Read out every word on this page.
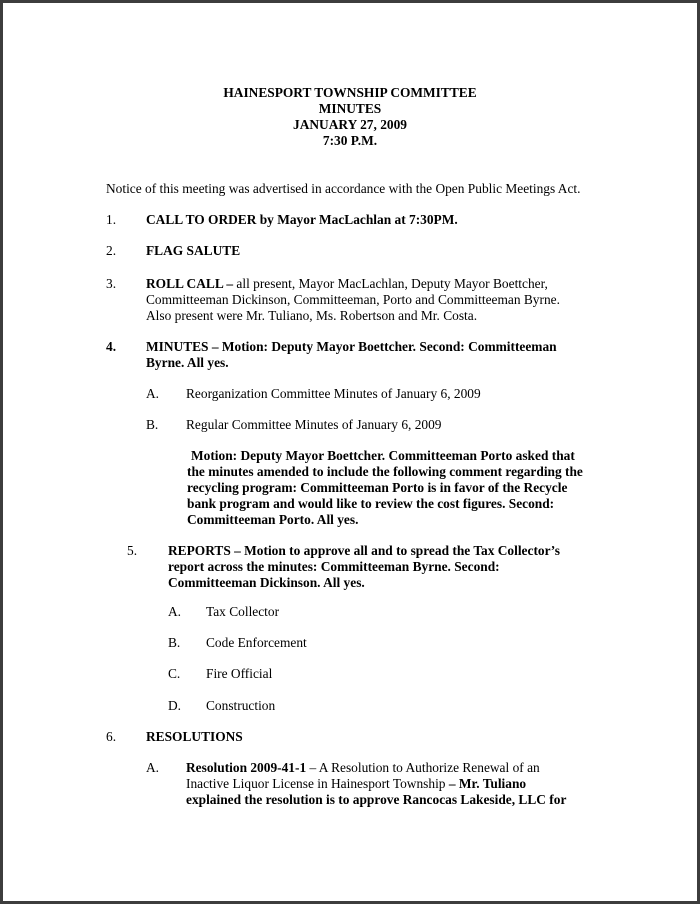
HAINESPORT TOWNSHIP COMMITTEE
MINUTES
JANUARY 27, 2009
7:30 P.M.
Notice of this meeting was advertised in accordance with the Open Public Meetings Act.
1. CALL TO ORDER by Mayor MacLachlan at 7:30PM.
2. FLAG SALUTE
3. ROLL CALL – all present, Mayor MacLachlan, Deputy Mayor Boettcher,
Committeeman Dickinson, Committeeman, Porto and Committeeman Byrne.
Also present were Mr. Tuliano, Ms. Robertson and Mr. Costa.
4. MINUTES – Motion: Deputy Mayor Boettcher. Second: Committeeman
Byrne. All yes.
A. Reorganization Committee Minutes of January 6, 2009
B. Regular Committee Minutes of January 6, 2009
Motion: Deputy Mayor Boettcher. Committeeman Porto asked that
the minutes amended to include the following comment regarding the
recycling program: Committeeman Porto is in favor of the Recycle
bank program and would like to review the cost figures. Second:
Committeeman Porto. All yes.
5. REPORTS – Motion to approve all and to spread the Tax Collector’s
report across the minutes: Committeeman Byrne. Second:
Committeeman Dickinson. All yes.
A. Tax Collector
B. Code Enforcement
C. Fire Official
D. Construction
6. RESOLUTIONS
A. Resolution 2009-41-1 – A Resolution to Authorize Renewal of an
Inactive Liquor License in Hainesport Township – Mr. Tuliano
explained the resolution is to approve Rancocas Lakeside, LLC for
